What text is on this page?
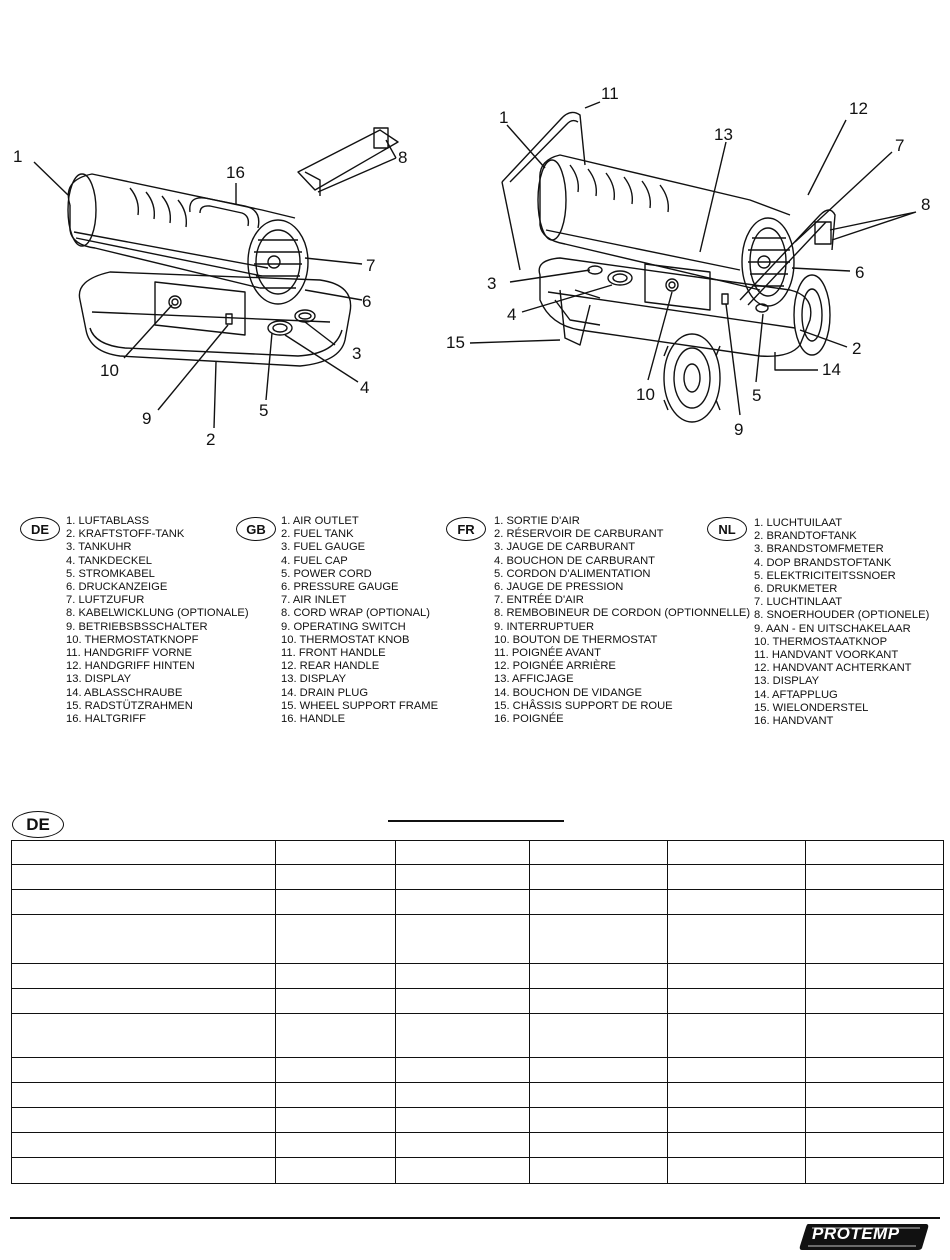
1
16
8
7
6
3
4
10
9	5
2
11
1	12
13
7
8
6
3
4
15	2
14
10	5
9
DE
1. LUFTABLASS
2. KRAFTSTOFF-TANK
3. TANKUHR
4. TANKDECKEL
5. STROMKABEL
6. DRUCKANZEIGE
7. LUFTZUFUR
8. KABELWICKLUNG (OPTIONALE)
9. BETRIEBSBSSCHALTER
10. THERMOSTATKNOPF
11. HANDGRIFF VORNE
12. HANDGRIFF HINTEN
13. DISPLAY
14. ABLASSCHRAUBE
15. RADSTÜTZRAHMEN
16. HALTGRIFF
GB
1. AIR OUTLET
2. FUEL TANK
3. FUEL GAUGE
4. FUEL CAP
5. POWER CORD
6. PRESSURE GAUGE
7. AIR INLET
8. CORD WRAP (OPTIONAL)
9. OPERATING SWITCH
10. THERMOSTAT KNOB
11. FRONT HANDLE
12. REAR HANDLE
13. DISPLAY
14. DRAIN PLUG
15. WHEEL SUPPORT FRAME
16. HANDLE
FR
1. SORTIE D'AIR
2. RÉSERVOIR DE CARBURANT
3. JAUGE DE CARBURANT
4. BOUCHON DE CARBURANT
5. CORDON D'ALIMENTATION
6. JAUGE DE PRESSION
7. ENTRÉE D'AIR
8. REMBOBINEUR DE CORDON (OPTIONNELLE)
9. INTERRUPTUER
10. BOUTON DE THERMOSTAT
11. POIGNÉE AVANT
12. POIGNÉE ARRIÈRE
13. AFFICJAGE
14. BOUCHON DE VIDANGE
15. CHÂSSIS SUPPORT DE ROUE
16. POIGNÉE
NL	1. LUCHTUILAAT
2. BRANDTOFTANK
3. BRANDSTOMFMETER
4. DOP BRANDSTOFTANK
5. ELEKTRICITEITSSNOER
6. DRUKMETER
7. LUCHTINLAAT
8. SNOERHOUDER (OPTIONELE)
9. AAN - EN UITSCHAKELAAR
10. THERMOSTAATKNOP
11. HANDVANT VOORKANT
12. HANDVANT ACHTERKANT
13. DISPLAY
14. AFTAPPLUG
15. WIELONDERSTEL
16. HANDVANT
DE

PROTEMP
